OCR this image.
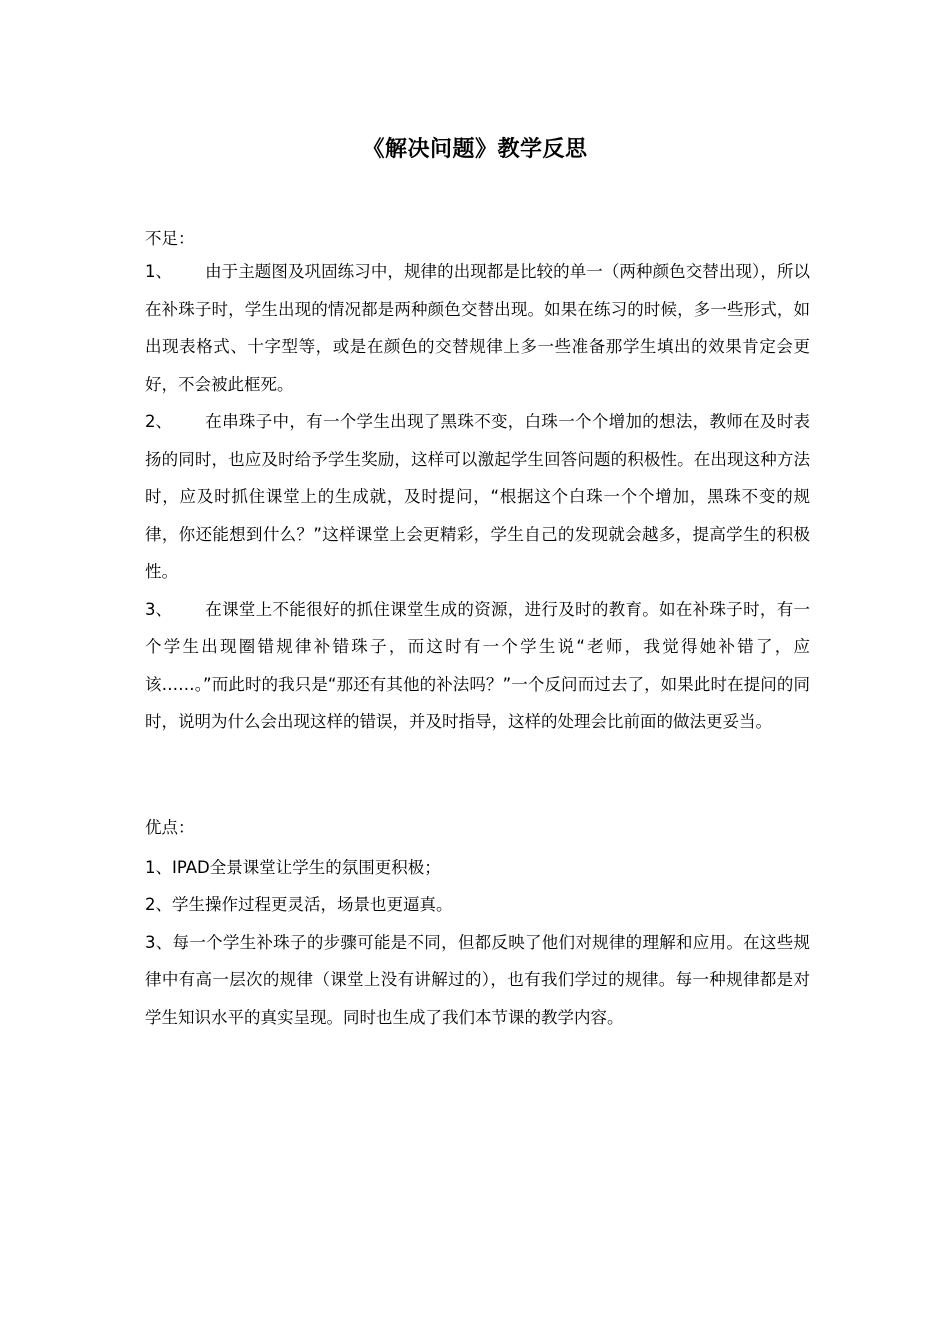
《解决问题》教学反思

不足：

1、 由于主题图及巩固练习中，规律的出现都是比较的单一（两种颜色交替出现），所以在补珠子时，学生出现的情况都是两种颜色交替出现。如果在练习的时候，多一些形式，如出现表格式、十字型等，或是在颜色的交替规律上多一些准备那学生填出的效果肯定会更好，不会被此框死。

2、 在串珠子中，有一个学生出现了黑珠不变，白珠一个个增加的想法，教师在及时表扬的同时，也应及时给予学生奖励，这样可以激起学生回答问题的积极性。在出现这种方法时，应及时抓住课堂上的生成就，及时提问，“根据这个白珠一个个增加，黑珠不变的规律，你还能想到什么？”这样课堂上会更精彩，学生自己的发现就会越多，提高学生的积极性。

3、 在课堂上不能很好的抓住课堂生成的资源，进行及时的教育。如在补珠子时，有一个学生出现圈错规律补错珠子，而这时有一个学生说“老师，我觉得她补错了，应该……。”而此时的我只是“那还有其他的补法吗？”一个反问而过去了，如果此时在提问的同时，说明为什么会出现这样的错误，并及时指导，这样的处理会比前面的做法更妥当。

优点：

1、IPAD全景课堂让学生的氛围更积极；

2、学生操作过程更灵活，场景也更逼真。

3、每一个学生补珠子的步骤可能是不同，但都反映了他们对规律的理解和应用。在这些规律中有高一层次的规律（课堂上没有讲解过的），也有我们学过的规律。每一种规律都是对学生知识水平的真实呈现。同时也生成了我们本节课的教学内容。
